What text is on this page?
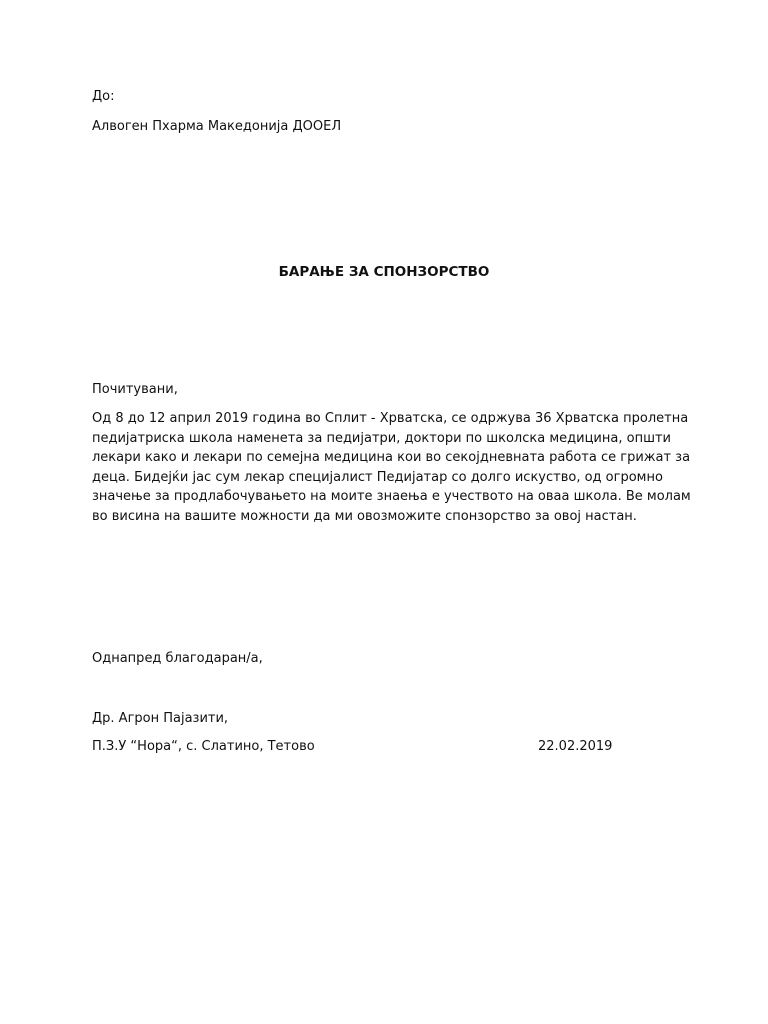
До:
Алвоген Пхарма Македонија ДООЕЛ
БАРАЊЕ ЗА СПОНЗОРСТВО
Почитувани,

Од 8 до 12 април 2019 година во Сплит - Хрватска, се одржува 36 Хрватска пролетна

педијатриска школа наменета за педијатри, доктори по школска медицина, општи

лекари како и лекари по семејна медицина кои во секојдневната работа се грижат за

деца. Бидејќи јас сум лекар специјалист Педијатар со долго искуство, од огромно

значење за продлабочувањето на моите знаења е учеството на оваа школа. Ве молам

во висина на вашите можности да ми овозможите спонзорство за овој настан.

Однапред благодаран/а,
Др. Агрон Пајазити,
П.З.У “Нора“, с. Слатино, Тетово	22.02.2019
